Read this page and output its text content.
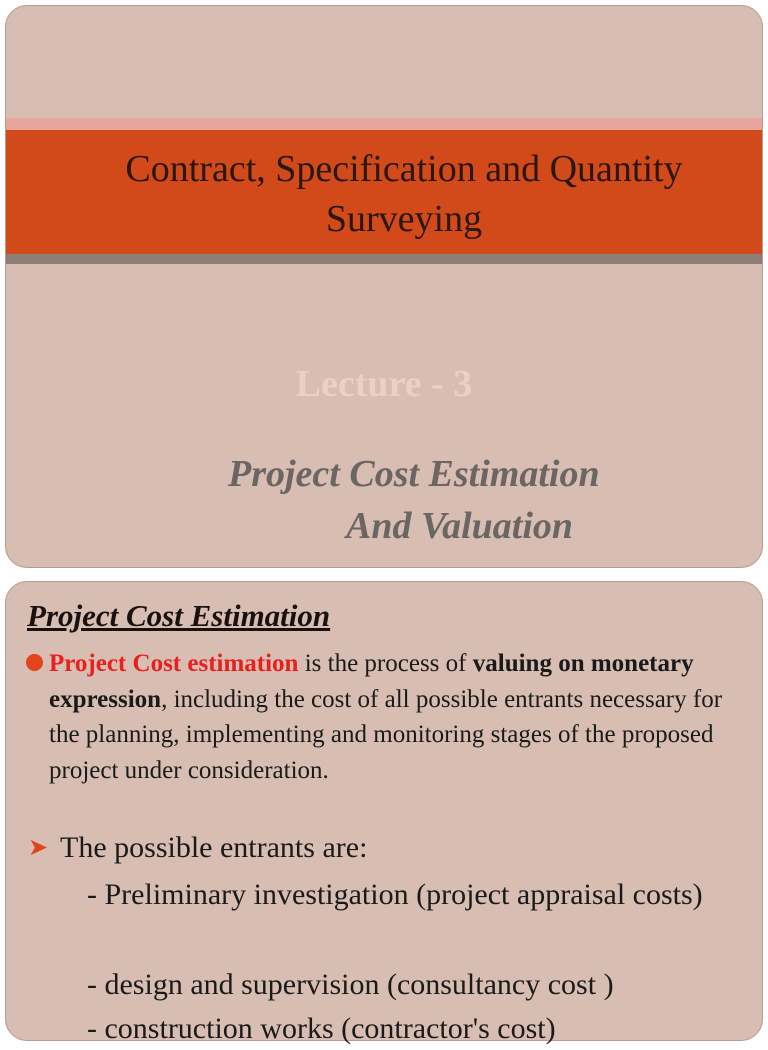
Contract, Specification and Quantity Surveying
Lecture - 3
Project Cost Estimation
And Valuation
Project Cost Estimation

Project Cost estimation is the process of valuing on monetary expression, including the cost of all possible entrants necessary for the planning, implementing and monitoring stages of the proposed project under consideration.

➤ The possible entrants are:

- Preliminary investigation (project appraisal costs)

- design and supervision (consultancy cost )

- construction works (contractor's cost)
